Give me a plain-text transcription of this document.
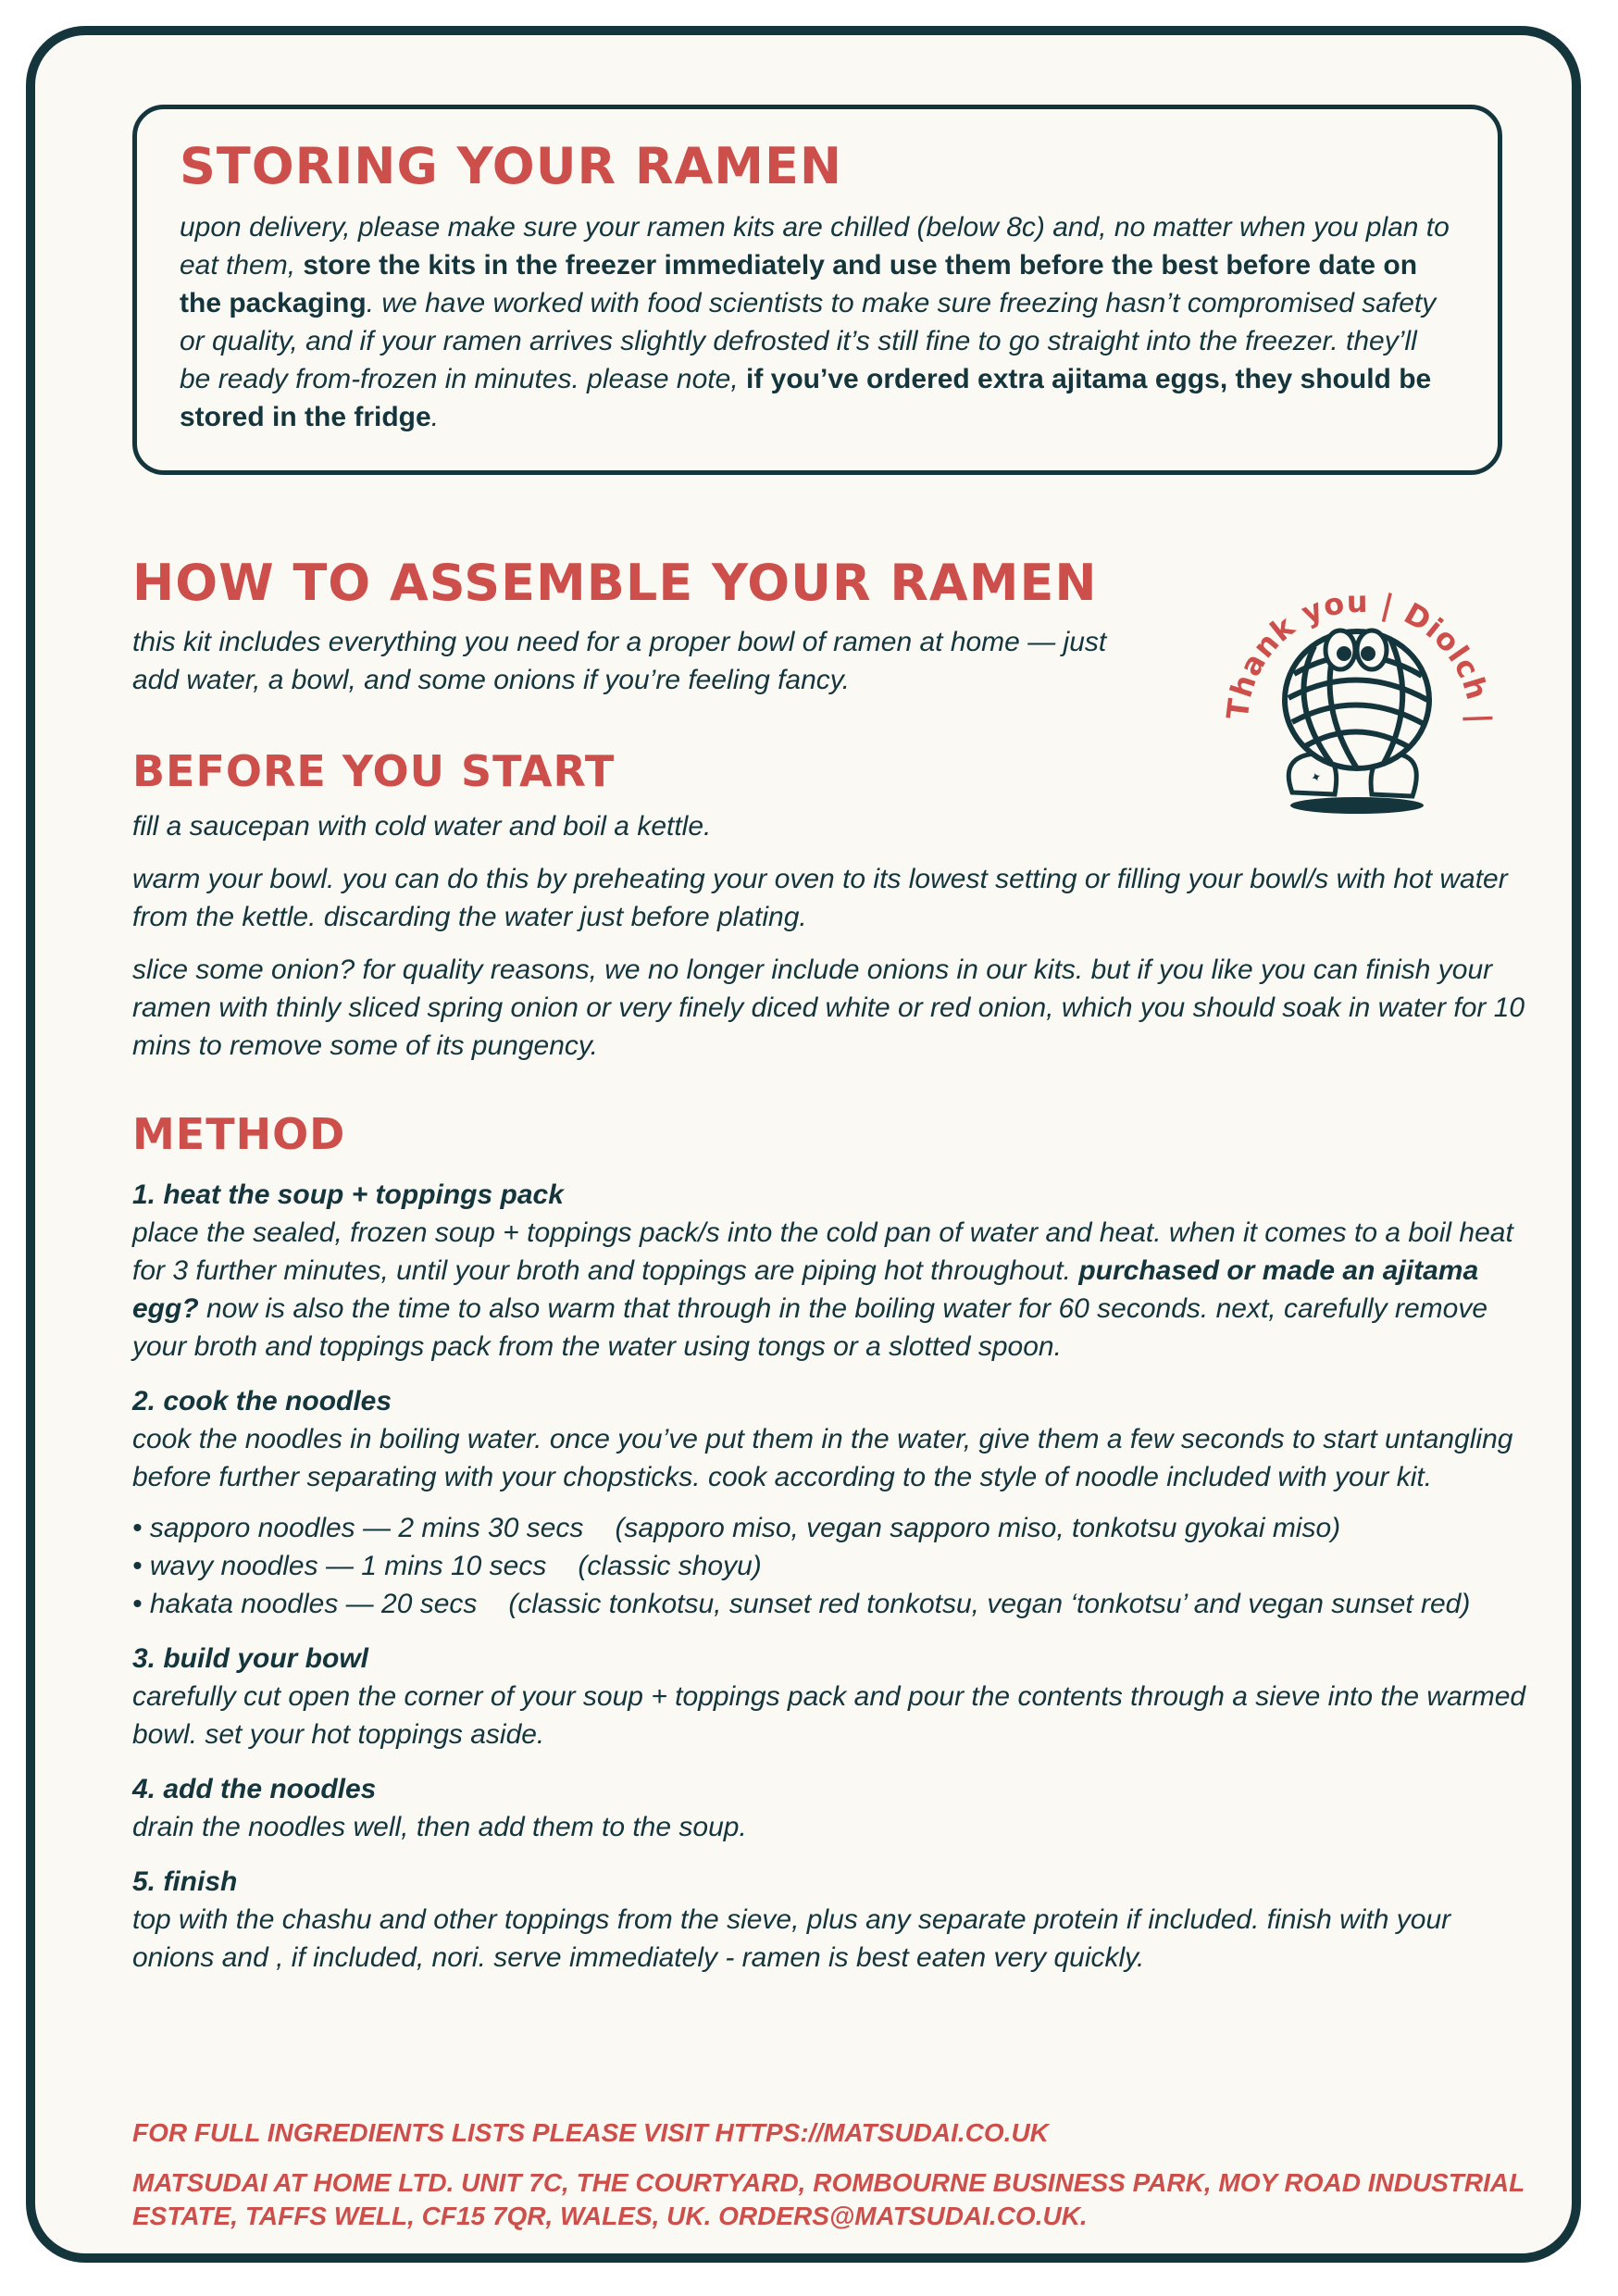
STORING YOUR RAMEN

upon delivery, please make sure your ramen kits are chilled (below 8c) and, no matter when you plan to eat them, store the kits in the freezer immediately and use them before the best before date on the packaging. we have worked with food scientists to make sure freezing hasn’t compromised safety or quality, and if your ramen arrives slightly defrosted it’s still fine to go straight into the freezer. they’ll be ready from-frozen in minutes. please note, if you’ve ordered extra ajitama eggs, they should be stored in the fridge.

HOW TO ASSEMBLE YOUR RAMEN

this kit includes everything you need for a proper bowl of ramen at home — just add water, a bowl, and some onions if you’re feeling fancy.

Thank you | Diolch |
✦
BEFORE YOU START

fill a saucepan with cold water and boil a kettle.

warm your bowl. you can do this by preheating your oven to its lowest setting or filling your bowl/s with hot water from the kettle. discarding the water just before plating.

slice some onion? for quality reasons, we no longer include onions in our kits. but if you like you can finish your ramen with thinly sliced spring onion or very finely diced white or red onion, which you should soak in water for 10 mins to remove some of its pungency.

METHOD

1. heat the soup + toppings pack

place the sealed, frozen soup + toppings pack/s into the cold pan of water and heat. when it comes to a boil heat for 3 further minutes, until your broth and toppings are piping hot throughout. purchased or made an ajitama egg? now is also the time to also warm that through in the boiling water for 60 seconds. next, carefully remove your broth and toppings pack from the water using tongs or a slotted spoon.

2. cook the noodles

cook the noodles in boiling water. once you’ve put them in the water, give them a few seconds to start untangling before further separating with your chopsticks. cook according to the style of noodle included with your kit.

• sapporo noodles — 2 mins 30 secs (sapporo miso, vegan sapporo miso, tonkotsu gyokai miso)
• wavy noodles — 1 mins 10 secs (classic shoyu)
• hakata noodles — 20 secs (classic tonkotsu, sunset red tonkotsu, vegan ‘tonkotsu’ and vegan sunset red)

3. build your bowl

carefully cut open the corner of your soup + toppings pack and pour the contents through a sieve into the warmed bowl. set your hot toppings aside.

4. add the noodles

drain the noodles well, then add them to the soup.

5. finish

top with the chashu and other toppings from the sieve, plus any separate protein if included. finish with your onions and , if included, nori. serve immediately - ramen is best eaten very quickly.

FOR FULL INGREDIENTS LISTS PLEASE VISIT HTTPS://MATSUDAI.CO.UK

MATSUDAI AT HOME LTD. UNIT 7C, THE COURTYARD, ROMBOURNE BUSINESS PARK, MOY ROAD INDUSTRIAL ESTATE, TAFFS WELL, CF15 7QR, WALES, UK. ORDERS@MATSUDAI.CO.UK.
